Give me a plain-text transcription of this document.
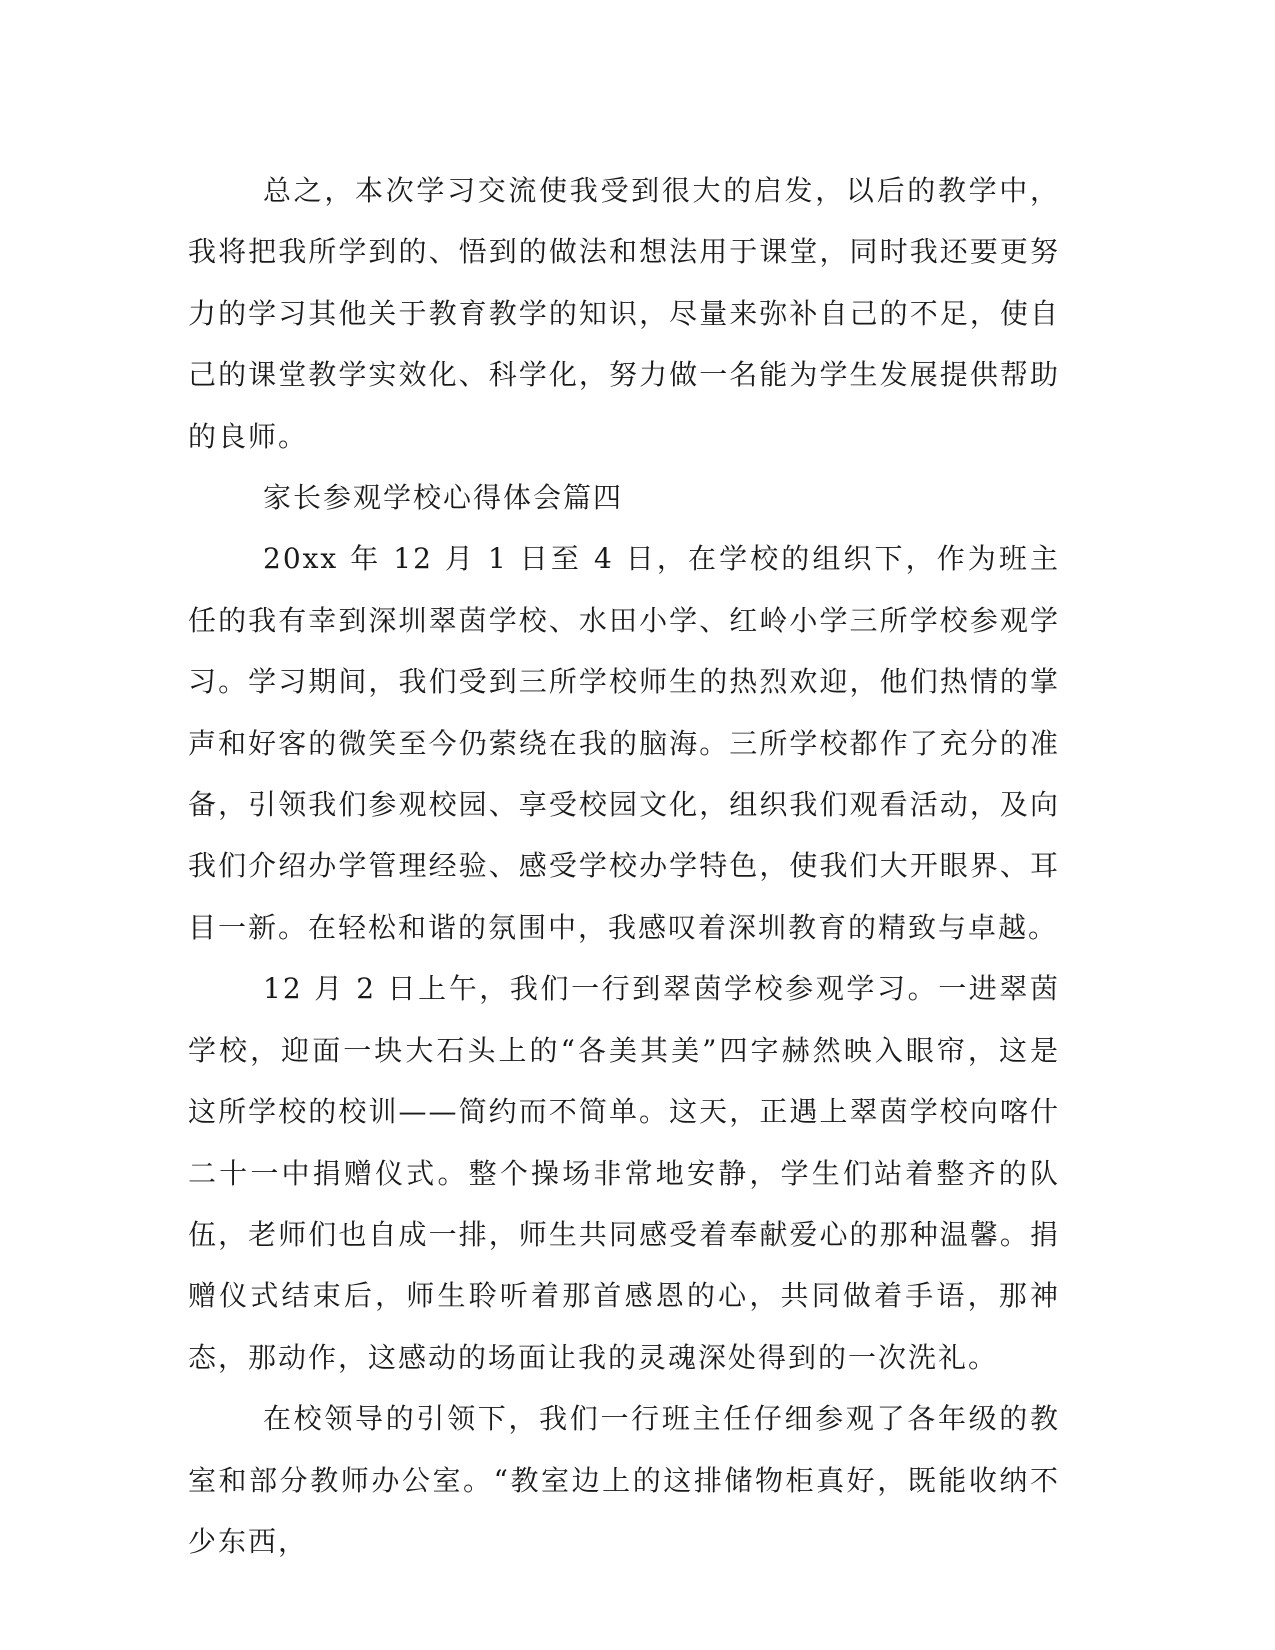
总之，本次学习交流使我受到很大的启发，以后的教学中，我将把我所学到的、悟到的做法和想法用于课堂，同时我还要更努力的学习其他关于教育教学的知识，尽量来弥补自己的不足，使自己的课堂教学实效化、科学化，努力做一名能为学生发展提供帮助的良师。

家长参观学校心得体会篇四

20xx 年 12 月 1 日至 4 日，在学校的组织下，作为班主任的我有幸到深圳翠茵学校、水田小学、红岭小学三所学校参观学习。学习期间，我们受到三所学校师生的热烈欢迎，他们热情的掌声和好客的微笑至今仍萦绕在我的脑海。三所学校都作了充分的准备，引领我们参观校园、享受校园文化，组织我们观看活动，及向我们介绍办学管理经验、感受学校办学特色，使我们大开眼界、耳目一新。在轻松和谐的氛围中，我感叹着深圳教育的精致与卓越。

12 月 2 日上午，我们一行到翠茵学校参观学习。一进翠茵学校，迎面一块大石头上的“各美其美”四字赫然映入眼帘，这是这所学校的校训——简约而不简单。这天，正遇上翠茵学校向喀什二十一中捐赠仪式。整个操场非常地安静，学生们站着整齐的队伍，老师们也自成一排，师生共同感受着奉献爱心的那种温馨。捐赠仪式结束后，师生聆听着那首感恩的心，共同做着手语，那神态，那动作，这感动的场面让我的灵魂深处得到的一次洗礼。

在校领导的引领下，我们一行班主任仔细参观了各年级的教室和部分教师办公室。“教室边上的这排储物柜真好，既能收纳不少东西，
